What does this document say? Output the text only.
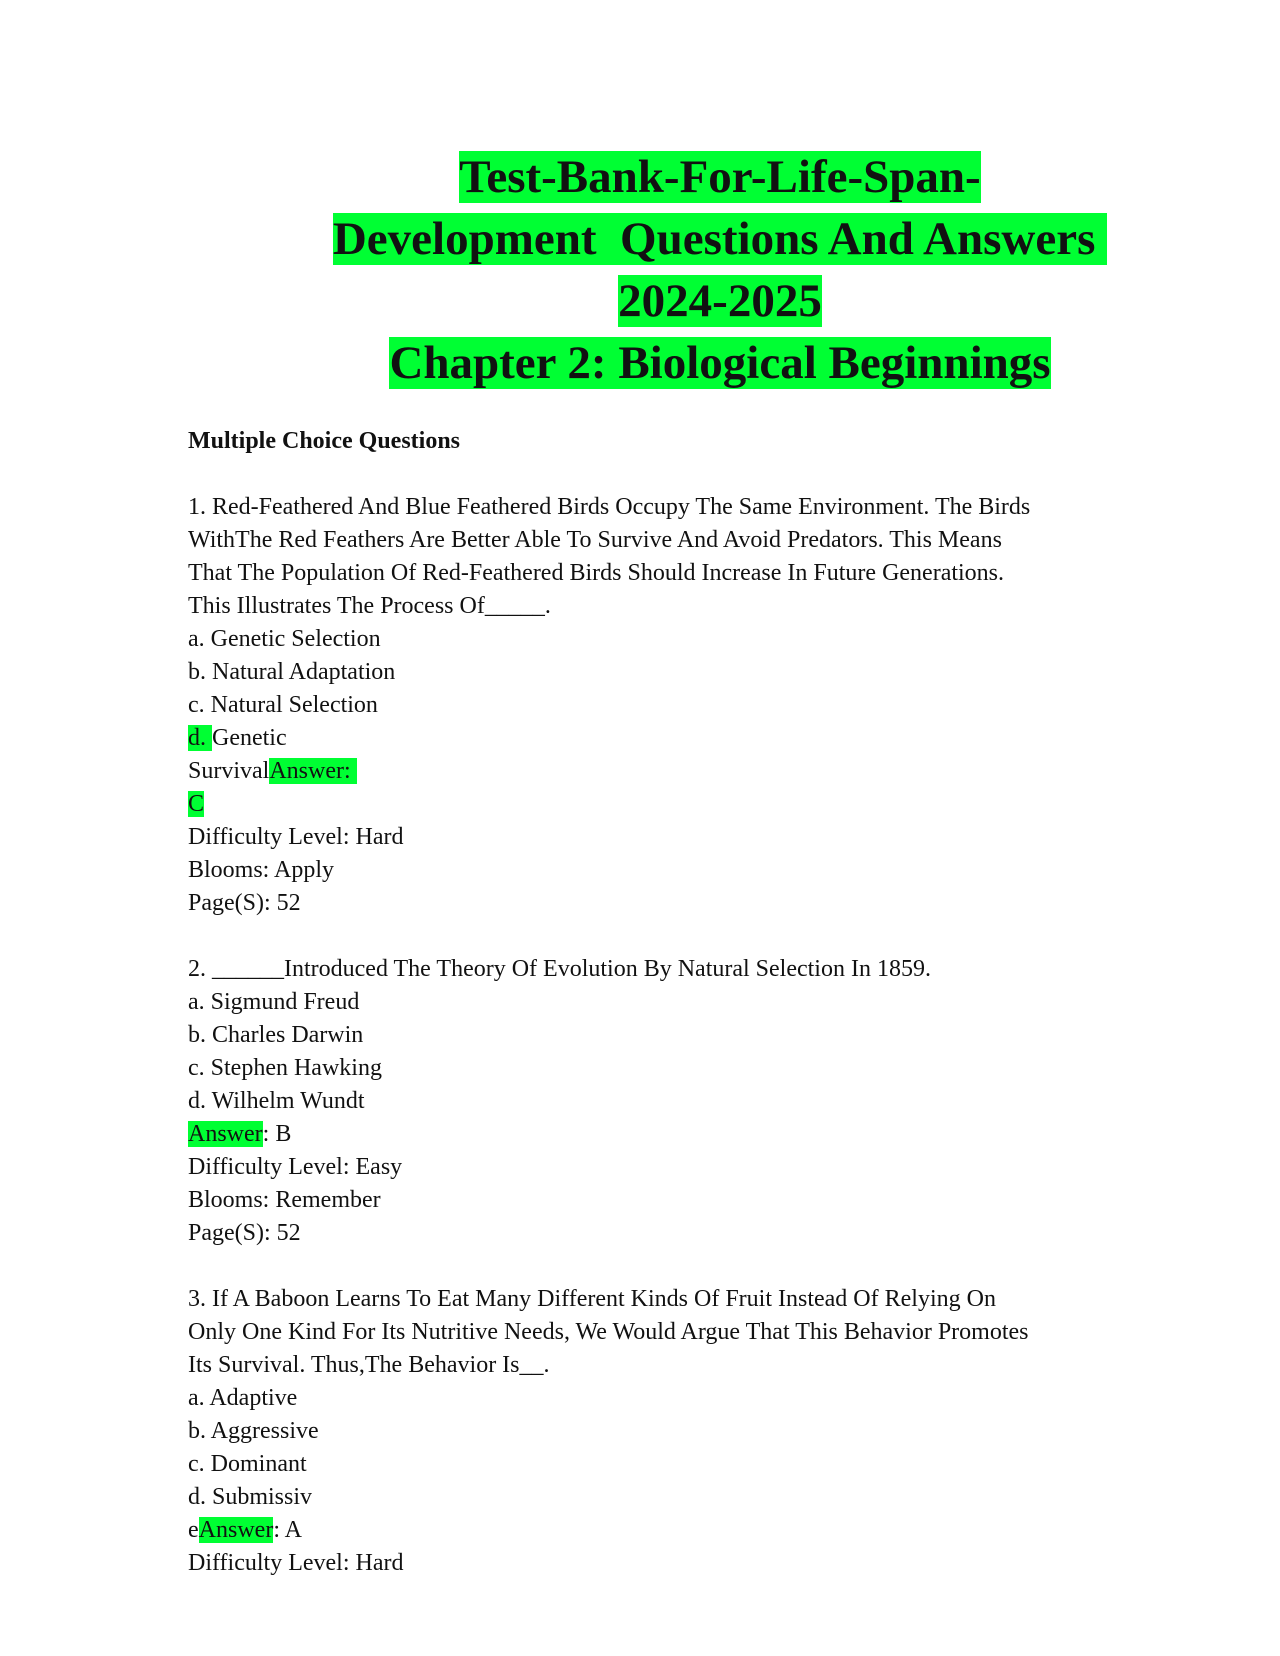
Test-Bank-For-Life-Span-
Development  Questions And Answers
2024-2025
Chapter 2: Biological Beginnings
Multiple Choice Questions
1. Red-Feathered And Blue Feathered Birds Occupy The Same Environment. The Birds
WithThe Red Feathers Are Better Able To Survive And Avoid Predators. This Means
That The Population Of Red-Feathered Birds Should Increase In Future Generations.
This Illustrates The Process Of_____.
a. Genetic Selection
b. Natural Adaptation
c. Natural Selection
d. Genetic
SurvivalAnswer:
C
Difficulty Level: Hard
Blooms: Apply
Page(S): 52
2. ______Introduced The Theory Of Evolution By Natural Selection In 1859.
a. Sigmund Freud
b. Charles Darwin
c. Stephen Hawking
d. Wilhelm Wundt
Answer: B
Difficulty Level: Easy
Blooms: Remember
Page(S): 52
3. If A Baboon Learns To Eat Many Different Kinds Of Fruit Instead Of Relying On
Only One Kind For Its Nutritive Needs, We Would Argue That This Behavior Promotes
Its Survival. Thus,The Behavior Is__.
a. Adaptive
b. Aggressive
c. Dominant
d. Submissiv
eAnswer: A
Difficulty Level: Hard
